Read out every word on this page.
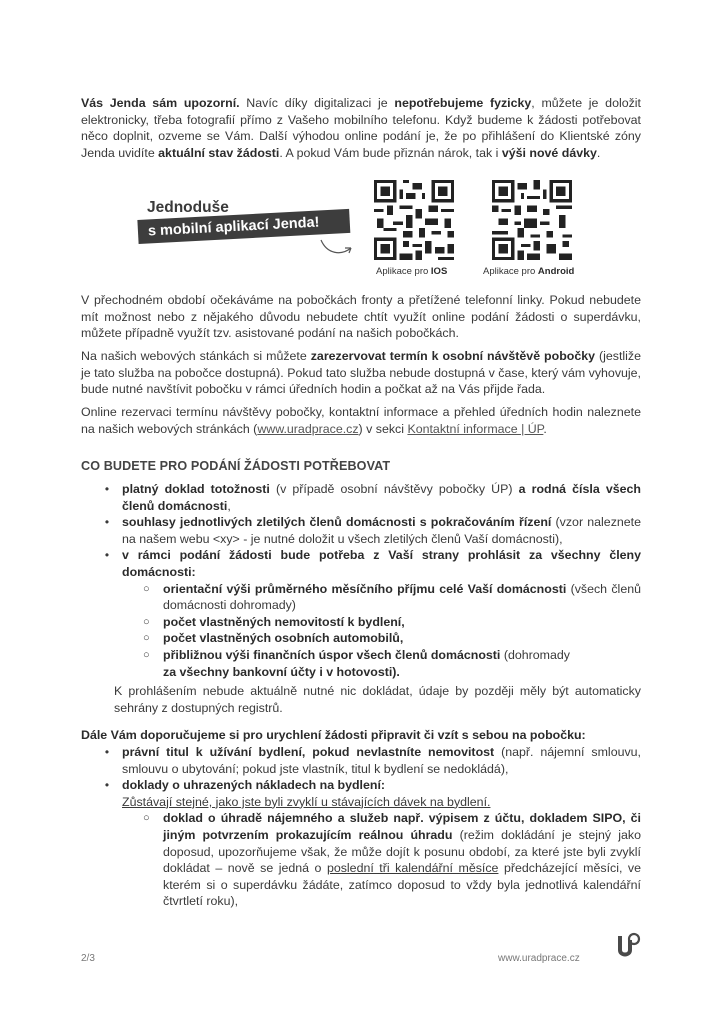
Vás Jenda sám upozorní. Navíc díky digitalizaci je nepotřebujeme fyzicky, můžete je doložit elektronicky, třeba fotografií přímo z Vašeho mobilního telefonu. Když budeme k žádosti potřebovat něco doplnit, ozveme se Vám. Další výhodou online podání je, že po přihlášení do Klientské zóny Jenda uvidíte aktuální stav žádosti. A pokud Vám bude přiznán nárok, tak i výši nové dávky.

Jednoduše
s mobilní aplikací Jenda!
Aplikace pro IOS	Aplikace pro Android

V přechodném období očekáváme na pobočkách fronty a přetížené telefonní linky. Pokud nebudete mít možnost nebo z nějakého důvodu nebudete chtít využít online podání žádosti o superdávku, můžete případně využít tzv. asistované podání na našich pobočkách.

Na našich webových stánkách si můžete zarezervovat termín k osobní návštěvě pobočky (jestliže je tato služba na pobočce dostupná). Pokud tato služba nebude dostupná v čase, který vám vyhovuje, bude nutné navštívit pobočku v rámci úředních hodin a počkat až na Vás přijde řada.

Online rezervaci termínu návštěvy pobočky, kontaktní informace a přehled úředních hodin naleznete na našich webových stránkách (www.uradprace.cz) v sekci Kontaktní informace | ÚP.

CO BUDETE PRO PODÁNÍ ŽÁDOSTI POTŘEBOVAT
•	platný doklad totožnosti (v případě osobní návštěvy pobočky ÚP) a rodná čísla všech členů domácnosti,
•	souhlasy jednotlivých zletilých členů domácnosti s pokračováním řízení (vzor naleznete na našem webu <xy> - je nutné doložit u všech zletilých členů Vaší domácnosti),
•	v rámci podání žádosti bude potřeba z Vaší strany prohlásit za všechny členy domácnosti:
○ orientační výši průměrného měsíčního příjmu celé Vaší domácnosti (všech členů domácnosti dohromady)
○ počet vlastněných nemovitostí k bydlení,
○ počet vlastněných osobních automobilů,
○ přibližnou výši finančních úspor všech členů domácnosti (dohromady
za všechny bankovní účty i v hotovosti).

K prohlášením nebude aktuálně nutné nic dokládat, údaje by později měly být automaticky sehrány z dostupných registrů.

Dále Vám doporučujeme si pro urychlení žádosti připravit či vzít s sebou na pobočku:

•	právní titul k užívání bydlení, pokud nevlastníte nemovitost (např. nájemní smlouvu, smlouvu o ubytování; pokud jste vlastník, titul k bydlení se nedokládá),
•	doklady o uhrazených nákladech na bydlení:
Zůstávají stejné, jako jste byli zvyklí u stávajících dávek na bydlení.
○ doklad o úhradě nájemného a služeb např. výpisem z účtu, dokladem SIPO, či jiným potvrzením prokazujícím reálnou úhradu (režim dokládání je stejný jako doposud, upozorňujeme však, že může dojít k posunu období, za které jste byli zvyklí dokládat – nově se jedná o poslední tři kalendářní měsíce předcházející měsíci, ve kterém si o superdávku žádáte, zatímco doposud to vždy byla jednotlivá kalendářní čtvrtletí roku),
2/3	www.uradprace.cz
